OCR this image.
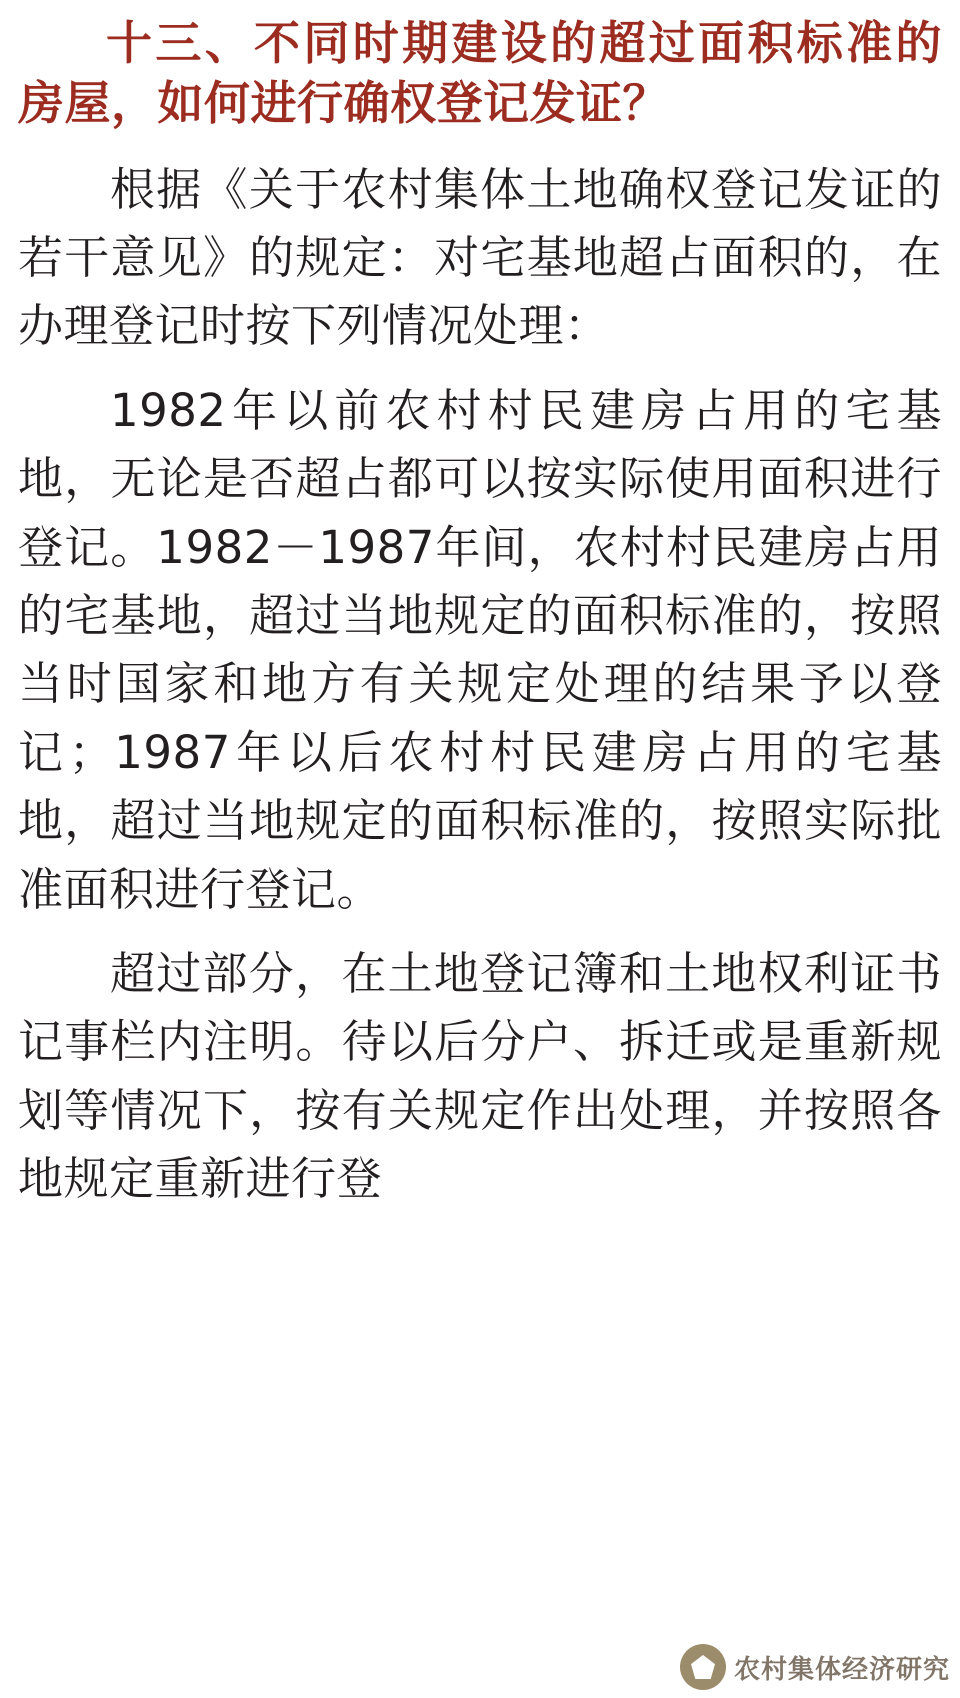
十三、不同时期建设的超过面积标准的房屋，如何进行确权登记发证？

根据《关于农村集体土地确权登记发证的若干意见》的规定：对宅基地超占面积的，在办理登记时按下列情况处理：

1982年以前农村村民建房占用的宅基地，无论是否超占都可以按实际使用面积进行登记。1982－1987年间，农村村民建房占用的宅基地，超过当地规定的面积标准的，按照当时国家和地方有关规定处理的结果予以登记；1987年以后农村村民建房占用的宅基地，超过当地规定的面积标准的，按照实际批准面积进行登记。

超过部分，在土地登记簿和土地权利证书记事栏内注明。待以后分户、拆迁或是重新规划等情况下，按有关规定作出处理，并按照各地规定重新进行登

农村集体经济研究
